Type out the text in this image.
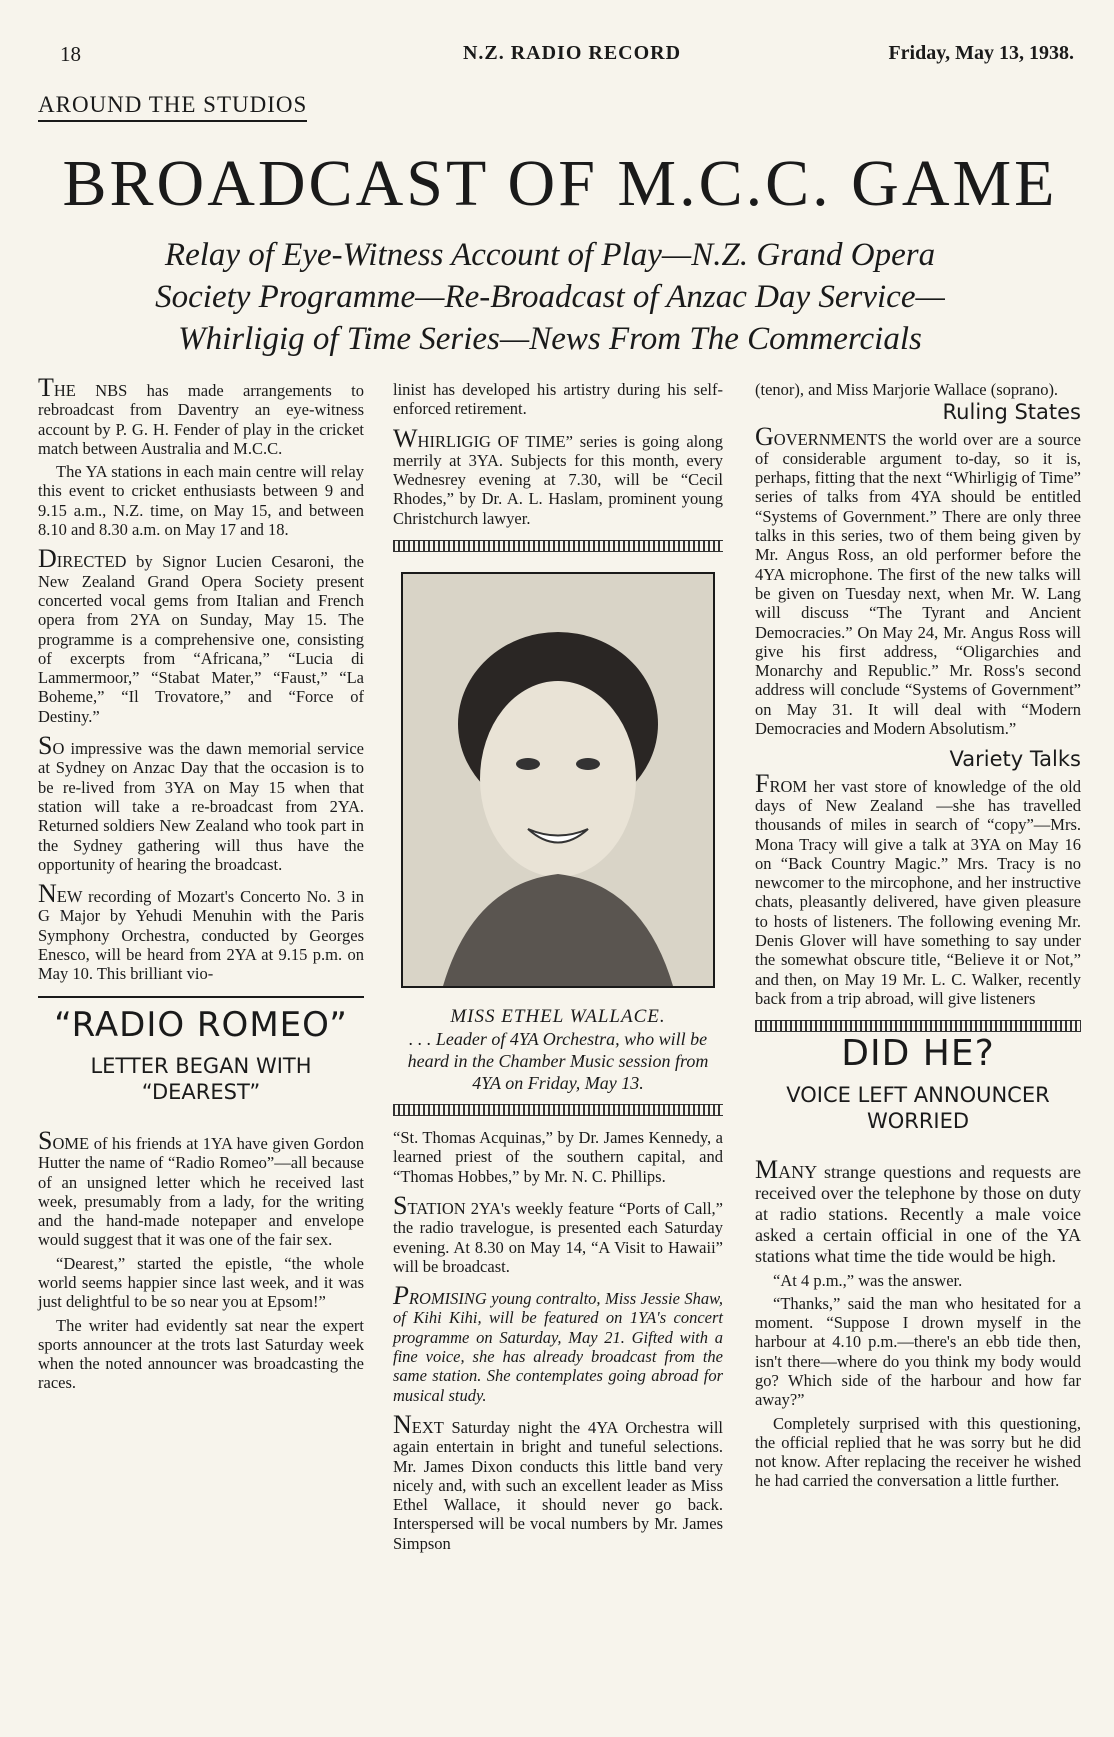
18	N.Z. RADIO RECORD	Friday, May 13, 1938.
AROUND THE STUDIOS
BROADCAST OF M.C.C. GAME
Relay of Eye-Witness Account of Play—N.Z. Grand Opera
Society Programme—Re-Broadcast of Anzac Day Service—
Whirligig of Time Series—News From The Commercials

THE NBS has made arrangements to rebroadcast from Daventry an eye-witness account by P. G. H. Fender of play in the cricket match between Australia and M.C.C.

The YA stations in each main centre will relay this event to cricket enthusiasts between 9 and 9.15 a.m., N.Z. time, on May 15, and between 8.10 and 8.30 a.m. on May 17 and 18.

DIRECTED by Signor Lucien Cesaroni, the New Zealand Grand Opera Society present concerted vocal gems from Italian and French opera from 2YA on Sunday, May 15. The programme is a comprehensive one, consisting of excerpts from “Africana,” “Lucia di Lammermoor,” “Stabat Mater,” “Faust,” “La Boheme,” “Il Trovatore,” and “Force of Destiny.”

SO impressive was the dawn memorial service at Sydney on Anzac Day that the occasion is to be re-lived from 3YA on May 15 when that station will take a re-broadcast from 2YA. Returned soldiers New Zealand who took part in the Sydney gathering will thus have the opportunity of hearing the broadcast.

NEW recording of Mozart's Concerto No. 3 in G Major by Yehudi Menuhin with the Paris Symphony Orchestra, conducted by Georges Enesco, will be heard from 2YA at 9.15 p.m. on May 10. This brilliant vio-

“RADIO ROMEO”
LETTER BEGAN WITH
“DEAREST”

SOME of his friends at 1YA have given Gordon Hutter the name of “Radio Romeo”—all because of an unsigned letter which he received last week, presumably from a lady, for the writing and the hand-made notepaper and envelope would suggest that it was one of the fair sex.

“Dearest,” started the epistle, “the whole world seems happier since last week, and it was just delightful to be so near you at Epsom!”

The writer had evidently sat near the expert sports announcer at the trots last Saturday week when the noted announcer was broadcasting the races.

linist has developed his artistry during his self-enforced retirement.

WHIRLIGIG OF TIME” series is going along merrily at 3YA. Subjects for this month, every Wednesrey evening at 7.30, will be “Cecil Rhodes,” by Dr. A. L. Haslam, prominent young Christchurch lawyer.

MISS ETHEL WALLACE.
. . . Leader of 4YA Orchestra, who will be heard in the Chamber Music session from 4YA on Friday, May 13.

“St. Thomas Acquinas,” by Dr. James Kennedy, a learned priest of the southern capital, and “Thomas Hobbes,” by Mr. N. C. Phillips.

STATION 2YA's weekly feature “Ports of Call,” the radio travelogue, is presented each Saturday evening. At 8.30 on May 14, “A Visit to Hawaii” will be broadcast.

PROMISING young contralto, Miss Jessie Shaw, of Kihi Kihi, will be featured on 1YA's concert programme on Saturday, May 21. Gifted with a fine voice, she has already broadcast from the same station. She contemplates going abroad for musical study.

NEXT Saturday night the 4YA Orchestra will again entertain in bright and tuneful selections. Mr. James Dixon conducts this little band very nicely and, with such an excellent leader as Miss Ethel Wallace, it should never go back. Interspersed will be vocal numbers by Mr. James Simpson

(tenor), and Miss Marjorie Wallace (soprano).

Ruling States

GOVERNMENTS the world over are a source of considerable argument to-day, so it is, perhaps, fitting that the next “Whirligig of Time” series of talks from 4YA should be entitled “Systems of Government.” There are only three talks in this series, two of them being given by Mr. Angus Ross, an old performer before the 4YA microphone. The first of the new talks will be given on Tuesday next, when Mr. W. Lang will discuss “The Tyrant and Ancient Democracies.” On May 24, Mr. Angus Ross will give his first address, “Oligarchies and Monarchy and Republic.” Mr. Ross's second address will conclude “Systems of Government” on May 31. It will deal with “Modern Democracies and Modern Absolutism.”

Variety Talks

FROM her vast store of knowledge of the old days of New Zealand —she has travelled thousands of miles in search of “copy”—Mrs. Mona Tracy will give a talk at 3YA on May 16 on “Back Country Magic.” Mrs. Tracy is no newcomer to the mircophone, and her instructive chats, pleasantly delivered, have given pleasure to hosts of listeners. The following evening Mr. Denis Glover will have something to say under the somewhat obscure title, “Believe it or Not,” and then, on May 19 Mr. L. C. Walker, recently back from a trip abroad, will give listeners

DID HE?
VOICE LEFT ANNOUNCER WORRIED

MANY strange questions and requests are received over the telephone by those on duty at radio stations. Recently a male voice asked a certain official in one of the YA stations what time the tide would be high.

“At 4 p.m.,” was the answer.

“Thanks,” said the man who hesitated for a moment. “Suppose I drown myself in the harbour at 4.10 p.m.—there's an ebb tide then, isn't there—where do you think my body would go? Which side of the harbour and how far away?”

Completely surprised with this questioning, the official replied that he was sorry but he did not know. After replacing the receiver he wished he had carried the conversation a little further.
